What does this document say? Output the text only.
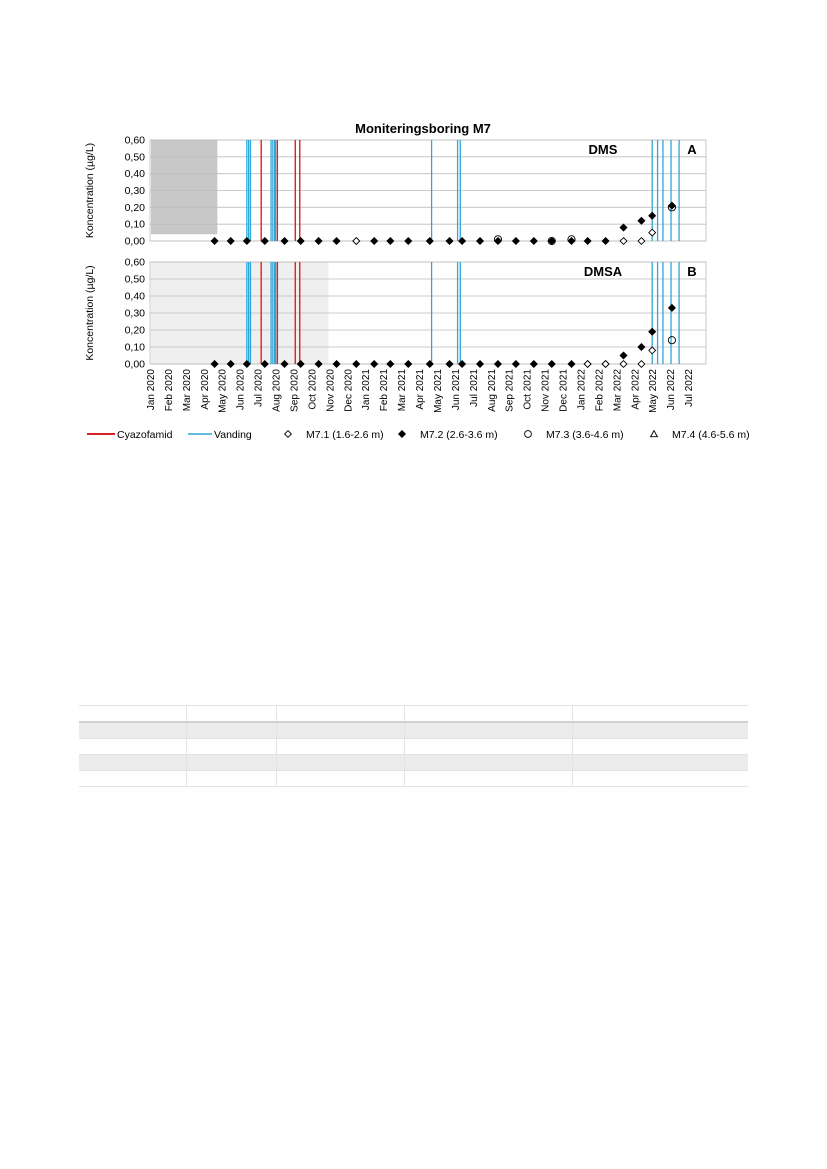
Moniteringsboring M7
0,00
0,10
0,20
0,30
0,40
0,50
0,60
Koncentration (µg/L)	DMS	A
0,00
0,10
0,20
0,30
0,40
0,50
0,60
Koncentration (µg/L)	DMSA	B
Jan 2020 Feb 2020 Mar 2020 Apr 2020 May 2020 Jun 2020 Jul 2020 Aug 2020 Sep 2020 Oct 2020 Nov 2020 Dec 2020 Jan 2021 Feb 2021 Mar 2021 Apr 2021 May 2021 Jun 2021 Jul 2021 Aug 2021 Sep 2021 Oct 2021 Nov 2021 Dec 2021 Jan 2022 Feb 2022 Mar 2022 Apr 2022 May 2022 Jun 2022 Jul 2022
Cyazofamid	Vanding	M7.1 (1.6-2.6 m)	M7.2 (2.6-3.6 m)	M7.3 (3.6-4.6 m)	M7.4 (4.6-5.6 m)
